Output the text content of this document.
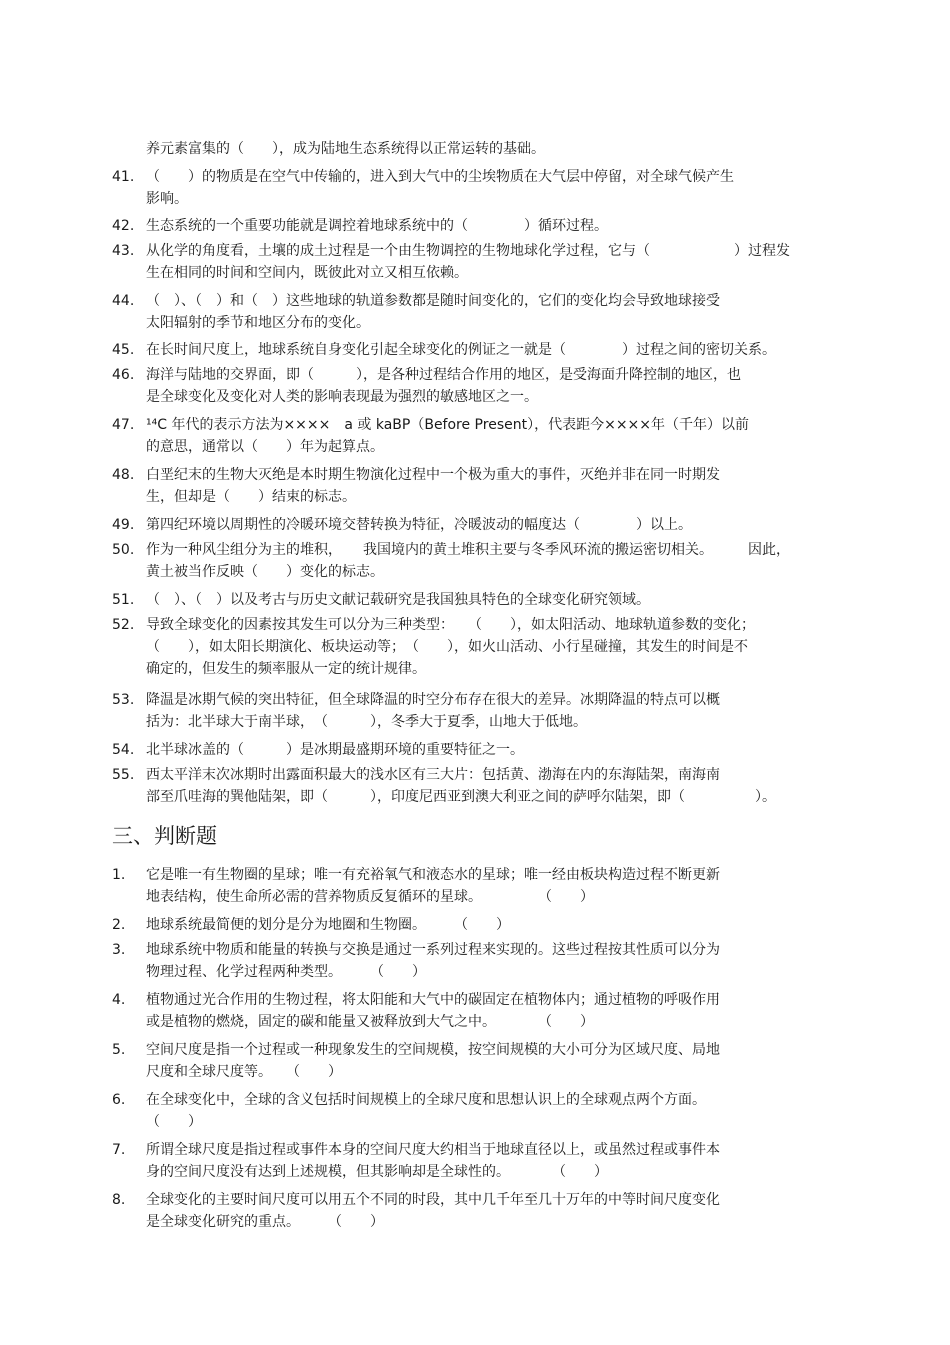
养元素富集的（　　），成为陆地生态系统得以正常运转的基础。
41. （　　）的物质是在空气中传输的，进入到大气中的尘埃物质在大气层中停留，对全球气候产生
影响。
42. 生态系统的一个重要功能就是调控着地球系统中的（　　　　）循环过程。
43. 从化学的角度看，土壤的成土过程是一个由生物调控的生物地球化学过程，它与（　　　　　　）过程发
生在相同的时间和空间内，既彼此对立又相互依赖。
44. （　）、（　）和（　）这些地球的轨道参数都是随时间变化的，它们的变化均会导致地球接受
太阳辐射的季节和地区分布的变化。
45. 在长时间尺度上，地球系统自身变化引起全球变化的例证之一就是（　　　　）过程之间的密切关系。
46. 海洋与陆地的交界面，即（　　　），是各种过程结合作用的地区，是受海面升降控制的地区，也
是全球变化及变化对人类的影响表现最为强烈的敏感地区之一。
47. ¹⁴C 年代的表示方法为××××　a 或 kaBP（Before Present），代表距今××××年（千年）以前
的意思，通常以（　　）年为起算点。
48. 白垩纪末的生物大灭绝是本时期生物演化过程中一个极为重大的事件，灭绝并非在同一时期发
生，但却是（　　）结束的标志。
49. 第四纪环境以周期性的冷暖环境交替转换为特征，冷暖波动的幅度达（　　　　）以上。
50. 作为一种风尘组分为主的堆积，　　我国境内的黄土堆积主要与冬季风环流的搬运密切相关。　　　因此，
黄土被当作反映（　　）变化的标志。
51. （　）、（　）以及考古与历史文献记载研究是我国独具特色的全球变化研究领域。
52. 导致全球变化的因素按其发生可以分为三种类型：　　（　　），如太阳活动、地球轨道参数的变化；
（　　），如太阳长期演化、板块运动等；　（　　），如火山活动、小行星碰撞，其发生的时间是不
确定的，但发生的频率服从一定的统计规律。
53. 降温是冰期气候的突出特征，但全球降温的时空分布存在很大的差异。冰期降温的特点可以概
括为：北半球大于南半球，　（　　　），冬季大于夏季，山地大于低地。
54. 北半球冰盖的（　　　）是冰期最盛期环境的重要特征之一。
55. 西太平洋末次冰期时出露面积最大的浅水区有三大片：包括黄、渤海在内的东海陆架，南海南
部至爪哇海的巽他陆架，即（　　　），印度尼西亚到澳大利亚之间的萨呼尔陆架，即（　　　　　）。
三、判断题
1.	它是唯一有生物圈的星球；唯一有充裕氧气和液态水的星球；唯一经由板块构造过程不断更新
地表结构，使生命所必需的营养物质反复循环的星球。　　　　　（　　）
2.	地球系统最简便的划分是分为地圈和生物圈。　　　（　　）
3.	地球系统中物质和能量的转换与交换是通过一系列过程来实现的。这些过程按其性质可以分为
物理过程、化学过程两种类型。　　　（　　）
4.	植物通过光合作用的生物过程，将太阳能和大气中的碳固定在植物体内；通过植物的呼吸作用
或是植物的燃烧，固定的碳和能量又被释放到大气之中。　　　　（　　）
5.	空间尺度是指一个过程或一种现象发生的空间规模，按空间规模的大小可分为区域尺度、局地
尺度和全球尺度等。　　（　　）
6.	在全球变化中，全球的含义包括时间规模上的全球尺度和思想认识上的全球观点两个方面。
（　　）
7.	所谓全球尺度是指过程或事件本身的空间尺度大约相当于地球直径以上，或虽然过程或事件本
身的空间尺度没有达到上述规模，但其影响却是全球性的。　　　　（　　）
8.	全球变化的主要时间尺度可以用五个不同的时段，其中几千年至几十万年的中等时间尺度变化
是全球变化研究的重点。　　　（　　）
